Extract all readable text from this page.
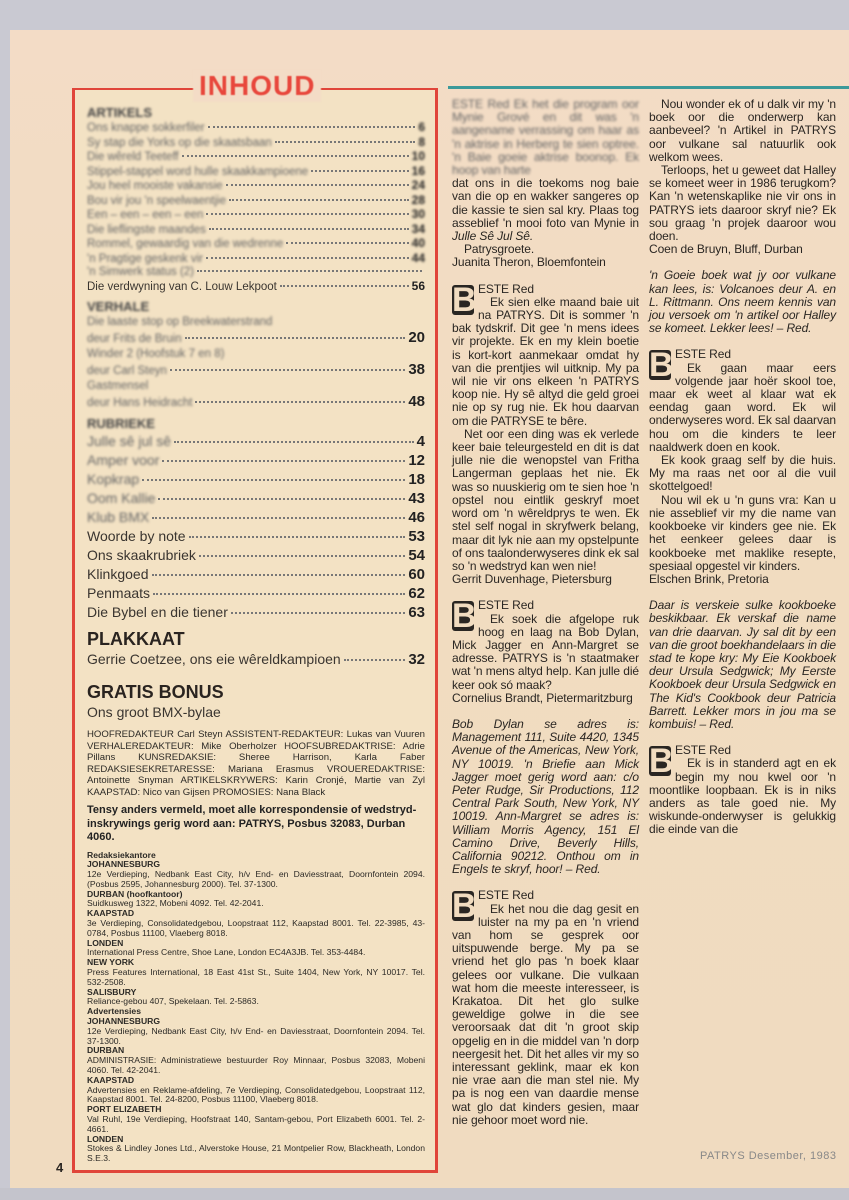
INHOUD
ARTIKELS
Ons knappe sokkerfiler	6
Sy stap die Yorks op die skaatsbaan	8
Die wêreld Teeteff	10
Stippel-stappel word hulle skaakkampioene	16
Jou heel mooiste vakansie	24
Bou vir jou 'n speelwaentjie	28
Een – een – een – een	30
Die lieflingste maandes	34
Rommel, gewaardig van die wedrenne	40
'n Pragtige geskenk vir	44
'n Simwerk status (2)
Die verdwyning van C. Louw Lekpoot	56
VERHALE
Die laaste stop op Breekwaterstrand
deur Frits de Bruin	20
Winder 2 (Hoofstuk 7 en 8)
deur Carl Steyn	38
Gastmensel
deur Hans Heidracht	48
RUBRIEKE
Julle sê jul sê	4
Amper voor	12
Kopkrap	18
Oom Kallie	43
Klub BMX	46
Woorde by note	53
Ons skaakrubriek	54
Klinkgoed	60
Penmaats	62
Die Bybel en die tiener	63
PLAKKAAT
Gerrie Coetzee, ons eie wêreldkampioen	32
GRATIS BONUS
Ons groot BMX-bylae
HOOFREDAKTEUR Carl Steyn ASSISTENT-REDAKTEUR: Lukas van Vuuren VERHALEREDAKTEUR: Mike Oberholzer HOOFSUBREDAKTRISE: Adrie Pillans KUNSREDAKSIE: Sheree Harrison, Karla Faber REDAKSIESEKRETARESSE: Mariana Erasmus VROUEREDAKTRISE: Antoinette Snyman ARTIKELSKRYWERS: Karin Cronjé, Martie van Zyl KAAPSTAD: Nico van Gijsen PROMOSIES: Nana Black
Tensy anders vermeld, moet alle korrespondensie of wedstryd-inskrywings gerig word aan: PATRYS, Posbus 32083, Durban 4060.
Redaksiekantore
JOHANNESBURG
12e Verdieping, Nedbank East City, h/v End- en Daviesstraat, Doornfontein 2094. (Posbus 2595, Johannesburg 2000). Tel. 37-1300.
DURBAN (hoofkantoor)
Suidkusweg 1322, Mobeni 4092. Tel. 42-2041.
KAAPSTAD
3e Verdieping, Consolidatedgebou, Loopstraat 112, Kaapstad 8001. Tel. 22-3985, 43-0784, Posbus 11100, Vlaeberg 8018.
LONDEN
International Press Centre, Shoe Lane, London EC4A3JB. Tel. 353-4484.
NEW YORK
Press Features International, 18 East 41st St., Suite 1404, New York, NY 10017. Tel. 532-2508.
SALISBURY
Reliance-gebou 407, Spekelaan. Tel. 2-5863.
Advertensies
JOHANNESBURG
12e Verdieping, Nedbank East City, h/v End- en Daviesstraat, Doornfontein 2094. Tel. 37-1300.
DURBAN
ADMINISTRASIE: Administratiewe bestuurder Roy Minnaar, Posbus 32083, Mobeni 4060. Tel. 42-2041.
KAAPSTAD
Advertensies en Reklame-afdeling, 7e Verdieping, Consolidatedgebou, Loopstraat 112, Kaapstad 8001. Tel. 24-8200, Posbus 11100, Vlaeberg 8018.
PORT ELIZABETH
Val Ruhl, 19e Verdieping, Hoofstraat 140, Santam-gebou, Port Elizabeth 6001. Tel. 2-4661.
LONDEN
Stokes & Lindley Jones Ltd., Alverstoke House, 21 Montpelier Row, Blackheath, London S.E.3.

ESTE Red Ek het die program oor Mynie Grové en dit was 'n aangename verrassing om haar as 'n aktrise in Herberg te sien optree. 'n Baie goeie aktrise boonop. Ek hoop van harte

dat ons in die toekoms nog baie van die op en wakker sangeres op die kassie te sien sal kry. Plaas tog asseblief 'n mooi foto van Mynie in Julle Sê Jul Sê.

Patrysgroete.

Juanita Theron, Bloemfontein

B ESTE Red

Ek sien elke maand baie uit na PATRYS. Dit is sommer 'n bak tydskrif. Dit gee 'n mens idees vir projekte. Ek en my klein boetie is kort-kort aanmekaar omdat hy van die prentjies wil uitknip. My pa wil nie vir ons elkeen 'n PATRYS koop nie. Hy sê altyd die geld groei nie op sy rug nie. Ek hou daarvan om die PATRYSE te bêre.

Net oor een ding was ek verlede keer baie teleurgesteld en dit is dat julle nie die wenopstel van Fritha Langerman geplaas het nie. Ek was so nuuskierig om te sien hoe 'n opstel nou eintlik geskryf moet word om 'n wêreldprys te wen. Ek stel self nogal in skryfwerk belang, maar dit lyk nie aan my opstelpunte of ons taalonderwyseres dink ek sal so 'n wedstryd kan wen nie!

Gerrit Duvenhage, Pietersburg

B ESTE Red

Ek soek die afgelope ruk hoog en laag na Bob Dylan, Mick Jagger en Ann-Margret se adresse. PATRYS is 'n staatmaker wat 'n mens altyd help. Kan julle dié keer ook só maak?

Cornelius Brandt, Pietermaritzburg

Bob Dylan se adres is: Management 111, Suite 4420, 1345 Avenue of the Americas, New York, NY 10019. 'n Briefie aan Mick Jagger moet gerig word aan: c/o Peter Rudge, Sir Productions, 112 Central Park South, New York, NY 10019. Ann-Margret se adres is: William Morris Agency, 151 El Camino Drive, Beverly Hills, California 90212. Onthou om in Engels te skryf, hoor! – Red.

B ESTE Red

Ek het nou die dag gesit en luister na my pa en 'n vriend van hom se gesprek oor uitspuwende berge. My pa se vriend het glo pas 'n boek klaar gelees oor vulkane. Die vulkaan wat hom die meeste interesseer, is Krakatoa. Dit het glo sulke geweldige golwe in die see veroorsaak dat dit 'n groot skip opgelig en in die middel van 'n dorp neergesit het. Dit het alles vir my so interessant geklink, maar ek kon nie vrae aan die man stel nie. My pa is nog een van daardie mense wat glo dat kinders gesien, maar nie gehoor moet word nie.

Nou wonder ek of u dalk vir my 'n boek oor die onderwerp kan aanbeveel? 'n Artikel in PATRYS oor vulkane sal natuurlik ook welkom wees.

Terloops, het u geweet dat Halley se komeet weer in 1986 terugkom? Kan 'n wetenskaplike nie vir ons in PATRYS iets daaroor skryf nie? Ek sou graag 'n projek daaroor wou doen.

Coen de Bruyn, Bluff, Durban

'n Goeie boek wat jy oor vulkane kan lees, is: Volcanoes deur A. en L. Rittmann. Ons neem kennis van jou versoek om 'n artikel oor Halley se komeet. Lekker lees! – Red.

B ESTE Red

Ek gaan maar eers volgende jaar hoër skool toe, maar ek weet al klaar wat ek eendag gaan word. Ek wil onderwyseres word. Ek sal daarvan hou om die kinders te leer naaldwerk doen en kook.

Ek kook graag self by die huis. My ma raas net oor al die vuil skottelgoed!

Nou wil ek u 'n guns vra: Kan u nie asseblief vir my die name van kookboeke vir kinders gee nie. Ek het eenkeer gelees daar is kookboeke met maklike resepte, spesiaal opgestel vir kinders.

Elschen Brink, Pretoria

Daar is verskeie sulke kookboeke beskikbaar. Ek verskaf die name van drie daarvan. Jy sal dit by een van die groot boekhandelaars in die stad te kope kry: My Eie Kookboek deur Ursula Sedgwick; My Eerste Kookboek deur Ursula Sedgwick en The Kid's Cookbook deur Patricia Barrett. Lekker mors in jou ma se kombuis! – Red.

B ESTE Red

Ek is in standerd agt en ek begin my nou kwel oor 'n moontlike loopbaan. Ek is in niks anders as tale goed nie. My wiskunde-onderwyser is gelukkig die einde van die

4
PATRYS Desember, 1983
